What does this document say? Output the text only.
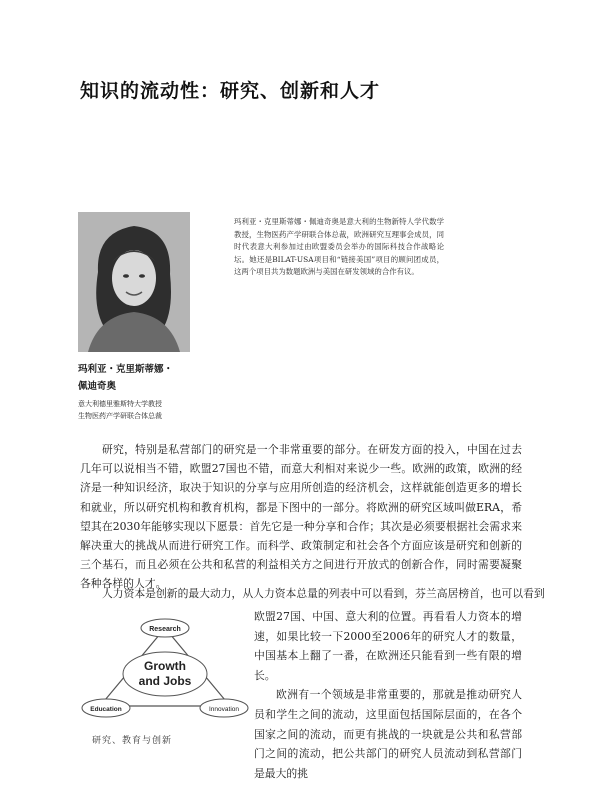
知识的流动性：研究、创新和人才
玛利亚・克里斯蒂娜・佩迪奇奥是意大利的生物新特人学代数学教授，生物医药产学研联合体总裁，欧洲研究互理事会成员，同时代表意大利参加过由欧盟委员会举办的国际科技合作战略论坛。她还是BILAT-USA项目和“链接美国”项目的顾问团成员，这两个项目共为数题欧洲与美国在研发领域的合作有议。
玛利亚・克里斯蒂娜・
佩迪奇奥
意大利德里雅斯特大学教授
生物医药产学研联合体总裁

研究，特别是私营部门的研究是一个非常重要的部分。在研发方面的投入，中国在过去几年可以说相当不错，欧盟27国也不错，而意大利相对来说少一些。欧洲的政策，欧洲的经济是一种知识经济，取决于知识的分享与应用所创造的经济机会，这样就能创造更多的增长和就业，所以研究机构和教育机构，都是下图中的一部分。将欧洲的研究区域叫做ERA，希望其在2030年能够实现以下愿景：首先它是一种分享和合作；其次是必须要根据社会需求来解决重大的挑战从而进行研究工作。而科学、政策制定和社会各个方面应该是研究和创新的三个基石，而且必须在公共和私营的利益相关方之间进行开放式的创新合作，同时需要凝聚各种各样的人才。

人力资本是创新的最大动力，从人力资本总量的列表中可以看到，芬兰高居榜首，也可以看到

欧盟27国、中国、意大利的位置。再看看人力资本的增速，如果比较一下2000至2006年的研究人才的数量，中国基本上翻了一番，在欧洲还只能看到一些有限的增长。
欧洲有一个领域是非常重要的，那就是推动研究人员和学生之间的流动，这里面包括国际层面的，在各个国家之间的流动，而更有挑战的一块就是公共和私营部门之间的流动，把公共部门的研究人员流动到私营部门是最大的挑
Growth
and Jobs
Research
Education	Innovation
研究、教育与创新
